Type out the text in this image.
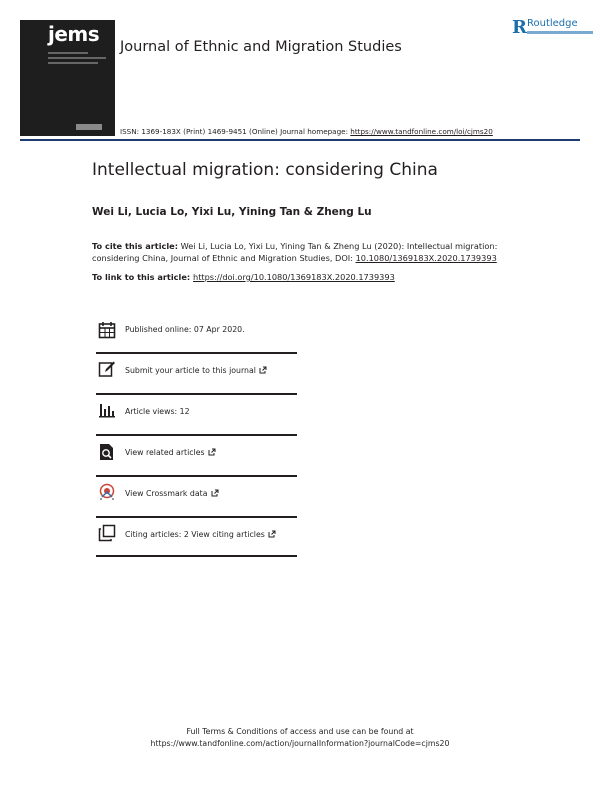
jems
Journal of Ethnic and Migration Studies
R Routledge
ISSN: 1369-183X (Print) 1469-9451 (Online) Journal homepage: https://www.tandfonline.com/loi/cjms20
Intellectual migration: considering China
Wei Li, Lucia Lo, Yixi Lu, Yining Tan & Zheng Lu
To cite this article: Wei Li, Lucia Lo, Yixi Lu, Yining Tan & Zheng Lu (2020): Intellectual migration: considering China, Journal of Ethnic and Migration Studies, DOI: 10.1080/1369183X.2020.1739393
To link to this article: https://doi.org/10.1080/1369183X.2020.1739393
Published online: 07 Apr 2020.
Submit your article to this journal
Article views: 12
View related articles
View Crossmark data
Citing articles: 2 View citing articles
Full Terms & Conditions of access and use can be found at
https://www.tandfonline.com/action/journalInformation?journalCode=cjms20
